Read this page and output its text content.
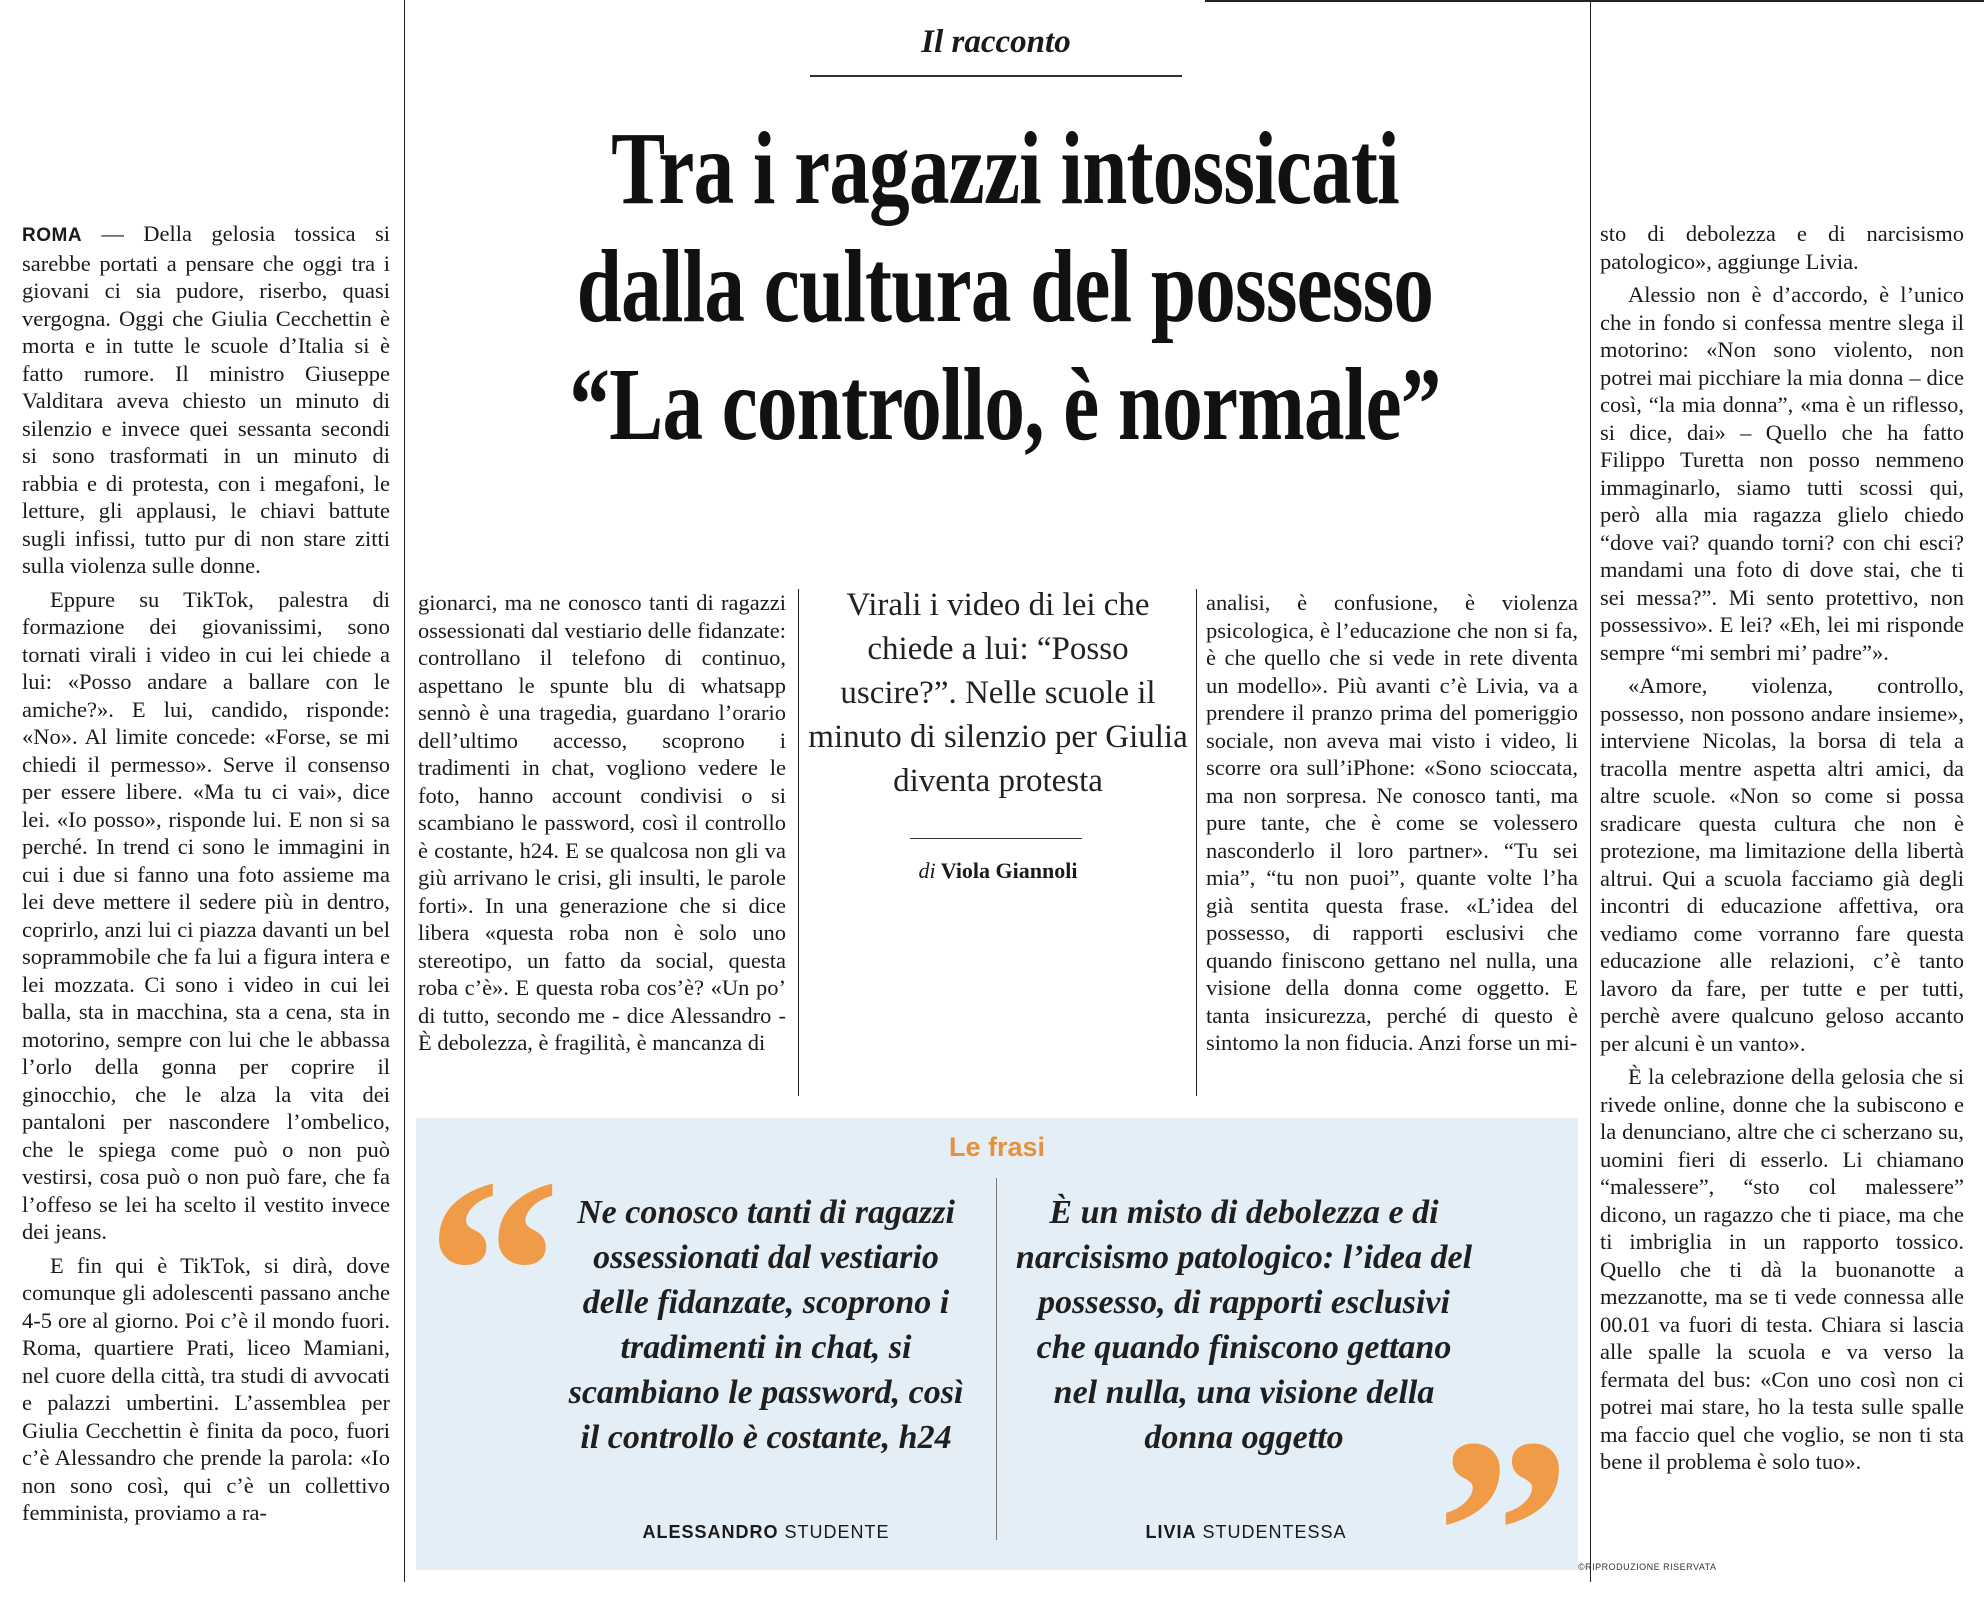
Il racconto
Tra i ragazzi intossicati
dalla cultura del possesso
“La controllo, è normale”

ROMA — Della gelosia tossica si sarebbe portati a pensare che oggi tra i giovani ci sia pudore, riserbo, quasi vergogna. Oggi che Giulia Cecchettin è morta e in tutte le scuole d’Italia si è fatto rumore. Il ministro Giuseppe Valditara aveva chiesto un minuto di silenzio e invece quei sessanta secondi si sono trasformati in un minuto di rabbia e di protesta, con i megafoni, le letture, gli applausi, le chiavi battute sugli infissi, tutto pur di non stare zitti sulla violenza sulle donne.

Eppure su TikTok, palestra di formazione dei giovanissimi, sono tornati virali i video in cui lei chiede a lui: «Posso andare a ballare con le amiche?». E lui, candido, risponde: «No». Al limite concede: «Forse, se mi chiedi il permesso». Serve il consenso per essere libere. «Ma tu ci vai», dice lei. «Io posso», risponde lui. E non si sa perché. In trend ci sono le immagini in cui i due si fanno una foto assieme ma lei deve mettere il sedere più in dentro, coprirlo, anzi lui ci piazza davanti un bel soprammobile che fa lui a figura intera e lei mozzata. Ci sono i video in cui lei balla, sta in macchina, sta a cena, sta in motorino, sempre con lui che le abbassa l’orlo della gonna per coprire il ginocchio, che le alza la vita dei pantaloni per nascondere l’ombelico, che le spiega come può o non può vestirsi, cosa può o non può fare, che fa l’offeso se lei ha scelto il vestito invece dei jeans.

E fin qui è TikTok, si dirà, dove comunque gli adolescenti passano anche 4-5 ore al giorno. Poi c’è il mondo fuori. Roma, quartiere Prati, liceo Mamiani, nel cuore della città, tra studi di avvocati e palazzi umbertini. L’assemblea per Giulia Cecchettin è finita da poco, fuori c’è Alessandro che prende la parola: «Io non sono così, qui c’è un collettivo femminista, proviamo a ra-

gionarci, ma ne conosco tanti di ragazzi ossessionati dal vestiario delle fidanzate: controllano il telefono di continuo, aspettano le spunte blu di whatsapp sennò è una tragedia, guardano l’orario dell’ultimo accesso, scoprono i tradimenti in chat, vogliono vedere le foto, hanno account condivisi o si scambiano le password, così il controllo è costante, h24. E se qualcosa non gli va giù arrivano le crisi, gli insulti, le parole forti». In una generazione che si dice libera «questa roba non è solo uno stereotipo, un fatto da social, questa roba c’è». E questa roba cos’è? «Un po’ di tutto, secondo me - dice Alessandro - È debolezza, è fragilità, è mancanza di

Virali i video di lei che chiede a lui: “Posso uscire?”. Nelle scuole il minuto di silenzio per Giulia diventa protesta
di Viola Giannoli

analisi, è confusione, è violenza psicologica, è l’educazione che non si fa, è che quello che si vede in rete diventa un modello». Più avanti c’è Livia, va a prendere il pranzo prima del pomeriggio sociale, non aveva mai visto i video, li scorre ora sull’iPhone: «Sono scioccata, ma non sorpresa. Ne conosco tanti, ma pure tante, che è come se volessero nasconderlo il loro partner». “Tu sei mia”, “tu non puoi”, quante volte l’ha già sentita questa frase. «L’idea del possesso, di rapporti esclusivi che quando finiscono gettano nel nulla, una visione della donna come oggetto. E tanta insicurezza, perché di questo è sintomo la non fiducia. Anzi forse un mi-

sto di debolezza e di narcisismo patologico», aggiunge Livia.

Alessio non è d’accordo, è l’unico che in fondo si confessa mentre slega il motorino: «Non sono violento, non potrei mai picchiare la mia donna – dice così, “la mia donna”, «ma è un riflesso, si dice, dai» – Quello che ha fatto Filippo Turetta non posso nemmeno immaginarlo, siamo tutti scossi qui, però alla mia ragazza glielo chiedo “dove vai? quando torni? con chi esci? mandami una foto di dove stai, che ti sei messa?”. Mi sento protettivo, non possessivo». E lei? «Eh, lei mi risponde sempre “mi sembri mi’ padre”».

«Amore, violenza, controllo, possesso, non possono andare insieme», interviene Nicolas, la borsa di tela a tracolla mentre aspetta altri amici, da altre scuole. «Non so come si possa sradicare questa cultura che non è protezione, ma limitazione della libertà altrui. Qui a scuola facciamo già degli incontri di educazione affettiva, ora vediamo come vorranno fare questa educazione alle relazioni, c’è tanto lavoro da fare, per tutte e per tutti, perchè avere qualcuno geloso accanto per alcuni è un vanto».

È la celebrazione della gelosia che si rivede online, donne che la subiscono e la denunciano, altre che ci scherzano su, uomini fieri di esserlo. Li chiamano “malessere”, “sto col malessere” dicono, un ragazzo che ti piace, ma che ti imbriglia in un rapporto tossico. Quello che ti dà la buonanotte a mezzanotte, ma se ti vede connessa alle 00.01 va fuori di testa. Chiara si lascia alle spalle la scuola e va verso la fermata del bus: «Con uno così non ci potrei mai stare, ho la testa sulle spalle ma faccio quel che voglio, se non ti sta bene il problema è solo tuo».

Le frasi
“
”
Ne conosco tanti di ragazzi ossessionati dal vestiario delle fidanzate, scoprono i tradimenti in chat, si scambiano le password, così il controllo è costante, h24
È un misto di debolezza e di narcisismo patologico: l’idea del possesso, di rapporti esclusivi che quando finiscono gettano nel nulla, una visione della donna oggetto
ALESSANDRO STUDENTE	LIVIA STUDENTESSA
©RIPRODUZIONE RISERVATA
